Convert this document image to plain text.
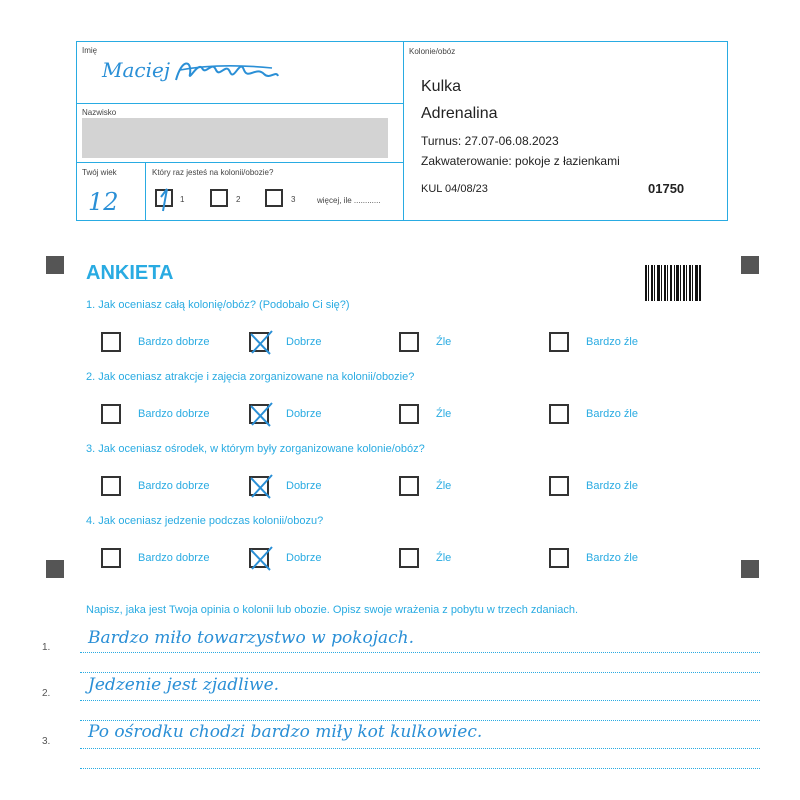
Imię
Maciej
Nazwisko
Twój wiek
12
Który raz jesteś na kolonii/obozie?
1	2	3	więcej, ile ............
Kolonie/obóz
Kulka
Adrenalina
Turnus: 27.07-06.08.2023
Zakwaterowanie: pokoje z łazienkami
KUL 04/08/23	01750
ANKIETA
1. Jak oceniasz całą kolonię/obóz? (Podobało Ci się?)
Bardzo dobrze	Dobrze	Źle	Bardzo źle
2. Jak oceniasz atrakcje i zajęcia zorganizowane na kolonii/obozie?
Bardzo dobrze	Dobrze	Źle	Bardzo źle
3. Jak oceniasz ośrodek, w którym były zorganizowane kolonie/obóz?
Bardzo dobrze	Dobrze	Źle	Bardzo źle
4. Jak oceniasz jedzenie podczas kolonii/obozu?
Bardzo dobrze	Dobrze	Źle	Bardzo źle
Napisz, jaka jest Twoja opinia o kolonii lub obozie. Opisz swoje wrażenia z pobytu w trzech zdaniach.
1. Bardzo miło towarzystwo w pokojach.
2. Jedzenie jest zjadliwe.
3. Po ośrodku chodzi bardzo miły kot kulkowiec.
